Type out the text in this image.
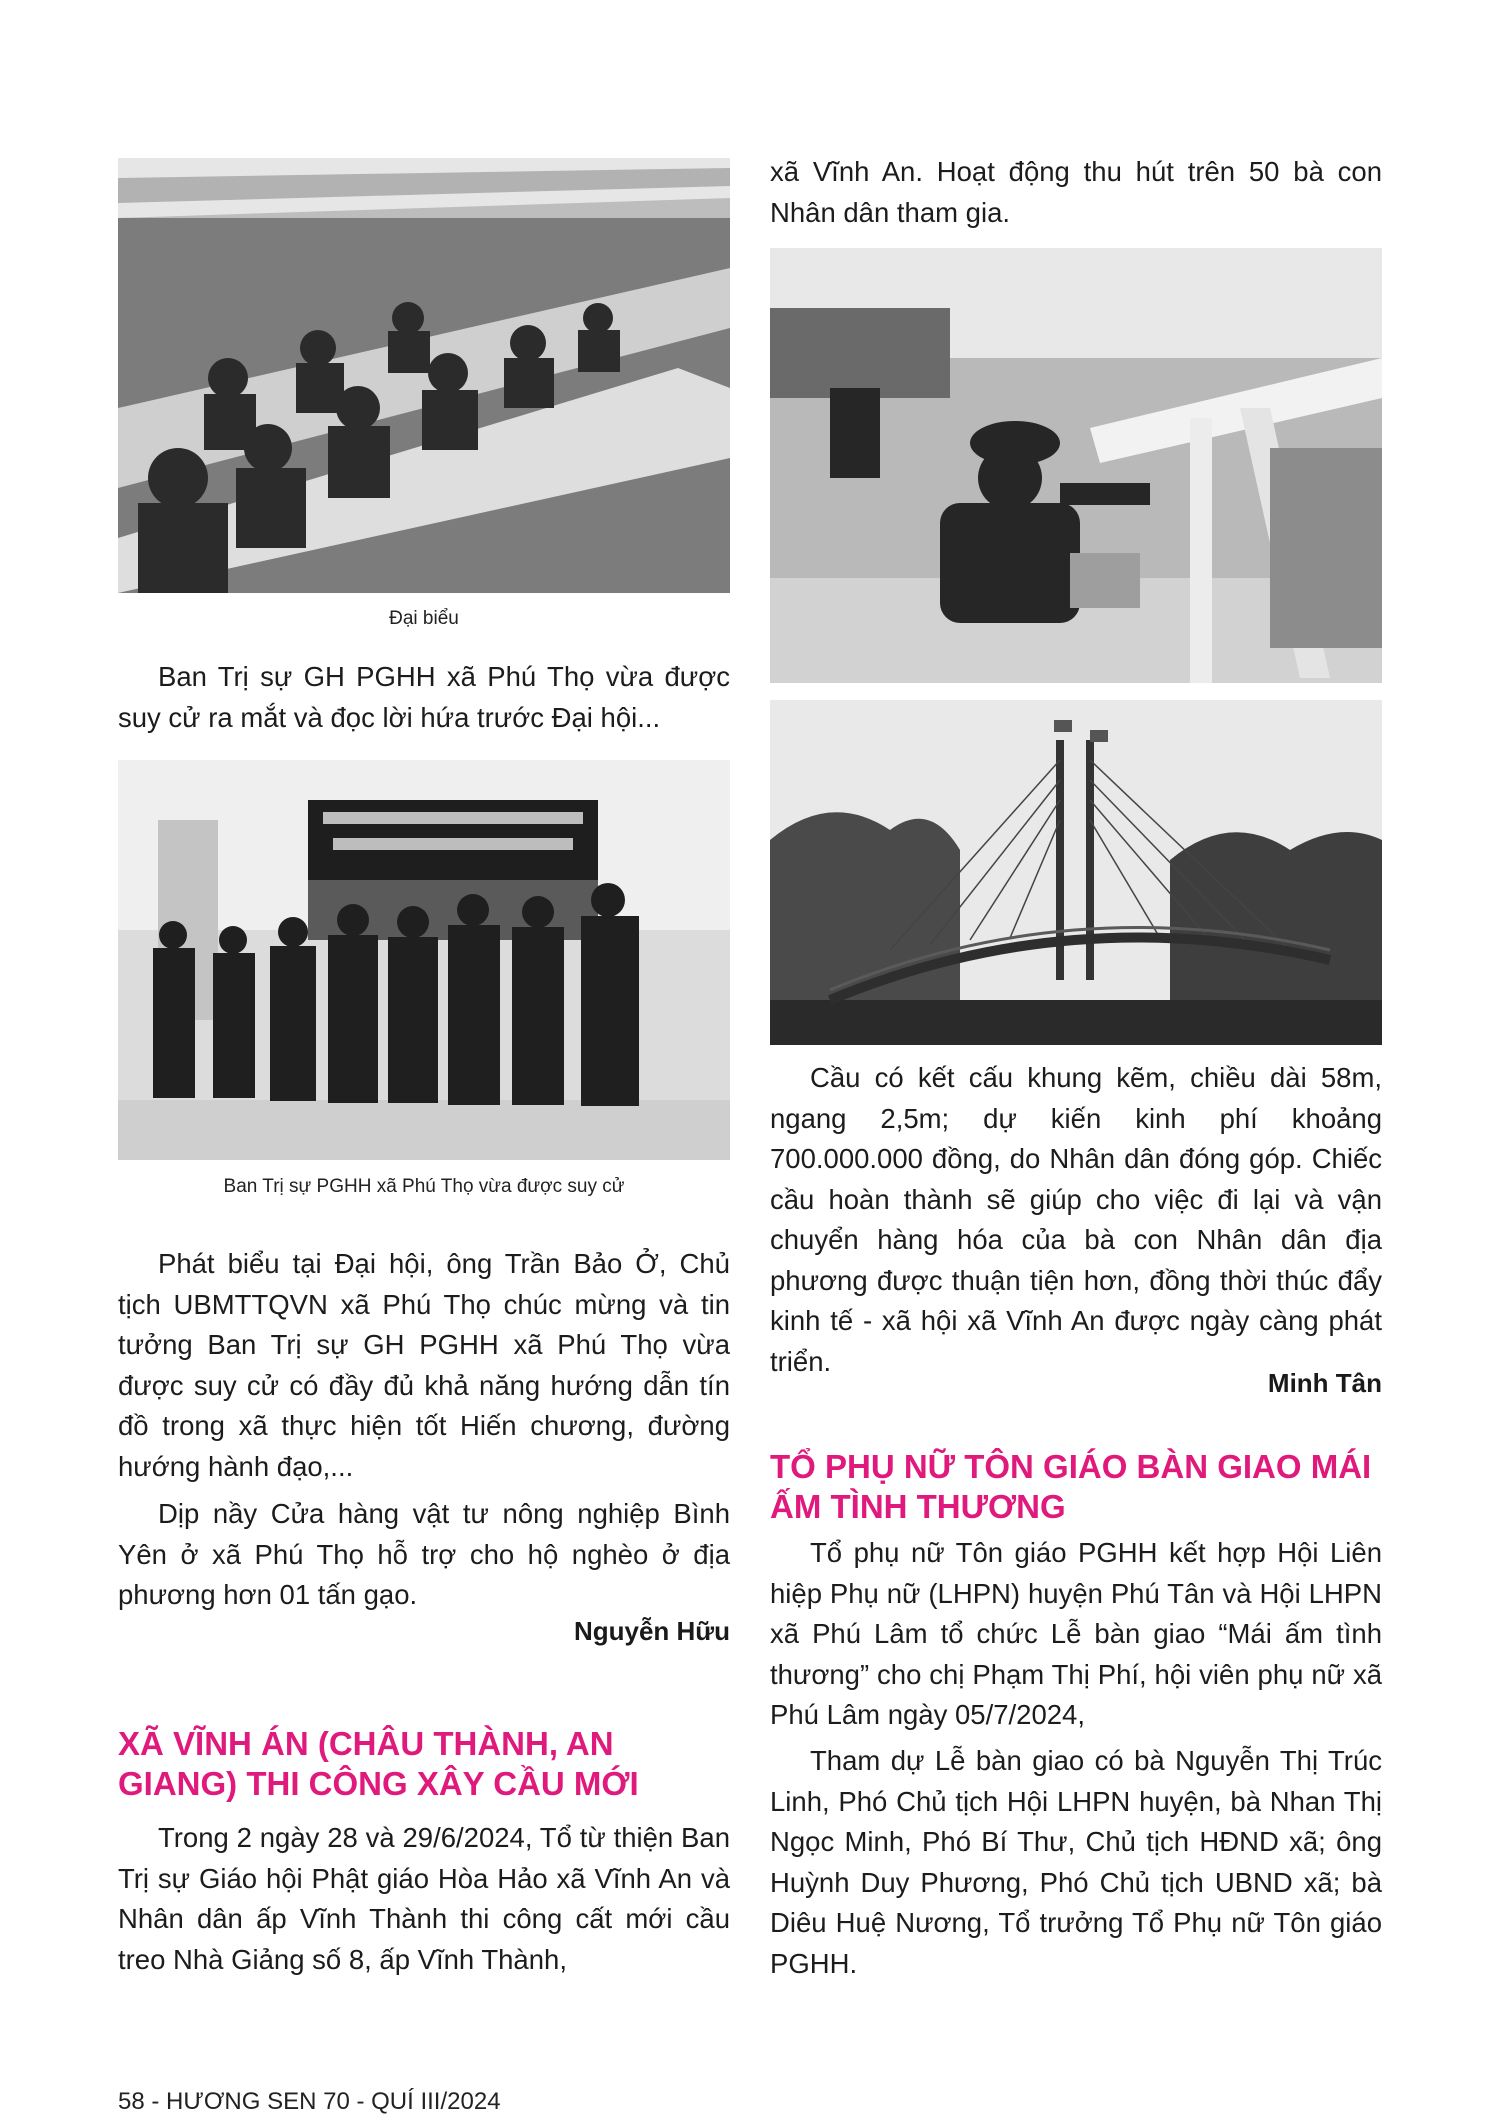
Đại biểu

Ban Trị sự GH PGHH xã Phú Thọ vừa được suy cử ra mắt và đọc lời hứa trước Đại hội...

Ban Trị sự PGHH xã Phú Thọ vừa được suy cử

Phát biểu tại Đại hội, ông Trần Bảo Ở, Chủ tịch UBMTTQVN xã Phú Thọ chúc mừng và tin tưởng Ban Trị sự GH PGHH xã Phú Thọ vừa được suy cử có đầy đủ khả năng hướng dẫn tín đồ trong xã thực hiện tốt Hiến chương, đường hướng hành đạo,...

Dịp nầy Cửa hàng vật tư nông nghiệp Bình Yên ở xã Phú Thọ hỗ trợ cho hộ nghèo ở địa phương hơn 01 tấn gạo.

Nguyễn Hữu
XÃ VĨNH ÁN (CHÂU THÀNH, AN GIANG) THI CÔNG XÂY CẦU MỚI

Trong 2 ngày 28 và 29/6/2024, Tổ từ thiện Ban Trị sự Giáo hội Phật giáo Hòa Hảo xã Vĩnh An và Nhân dân ấp Vĩnh Thành thi công cất mới cầu treo Nhà Giảng số 8, ấp Vĩnh Thành,

xã Vĩnh An. Hoạt động thu hút trên 50 bà con Nhân dân tham gia.

Cầu có kết cấu khung kẽm, chiều dài 58m, ngang 2,5m; dự kiến kinh phí khoảng 700.000.000 đồng, do Nhân dân đóng góp. Chiếc cầu hoàn thành sẽ giúp cho việc đi lại và vận chuyển hàng hóa của bà con Nhân dân địa phương được thuận tiện hơn, đồng thời thúc đẩy kinh tế - xã hội xã Vĩnh An được ngày càng phát triển.

Minh Tân
TỔ PHỤ NỮ TÔN GIÁO BÀN GIAO MÁI ẤM TÌNH THƯƠNG

Tổ phụ nữ Tôn giáo PGHH kết hợp Hội Liên hiệp Phụ nữ (LHPN) huyện Phú Tân và Hội LHPN xã Phú Lâm tổ chức Lễ bàn giao “Mái ấm tình thương” cho chị Phạm Thị Phí, hội viên phụ nữ xã Phú Lâm ngày 05/7/2024,

Tham dự Lễ bàn giao có bà Nguyễn Thị Trúc Linh, Phó Chủ tịch Hội LHPN huyện, bà Nhan Thị Ngọc Minh, Phó Bí Thư, Chủ tịch HĐND xã; ông Huỳnh Duy Phương, Phó Chủ tịch UBND xã; bà Diêu Huệ Nương, Tổ trưởng Tổ Phụ nữ Tôn giáo PGHH.

58 - HƯƠNG SEN 70 - QUÍ III/2024
